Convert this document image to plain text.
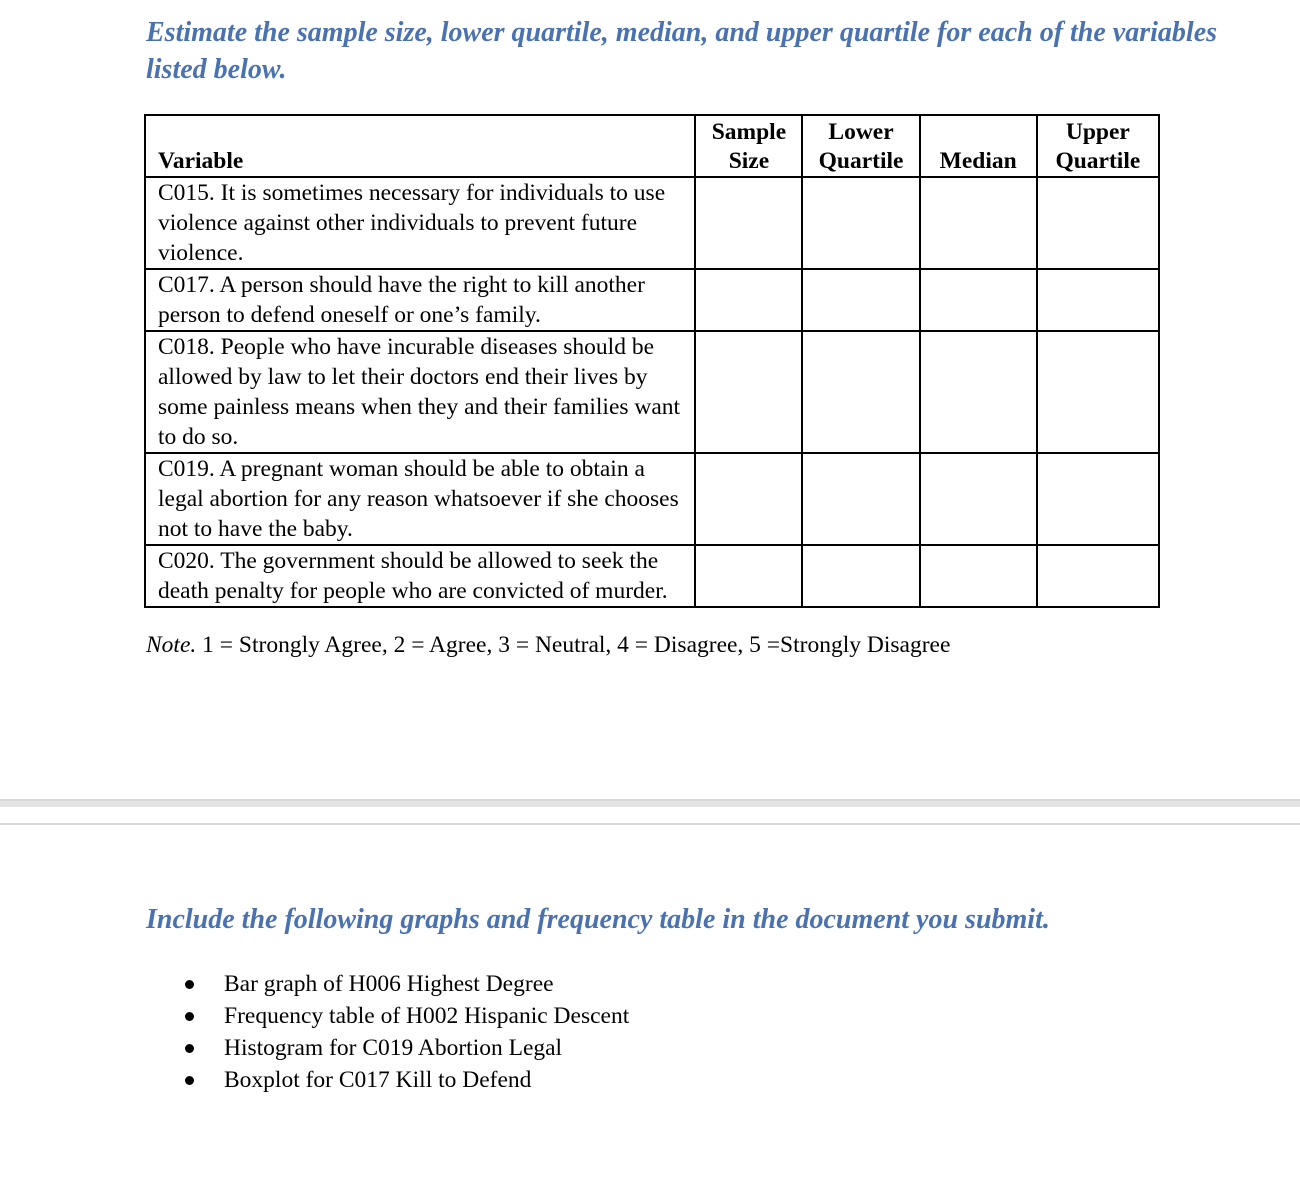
Estimate the sample size, lower quartile, median, and upper quartile for each of the variables listed below.

Variable	Sample Size	Lower Quartile	Median	Upper Quartile
C015. It is sometimes necessary for individuals to use violence against other individuals to prevent future violence.				
C017. A person should have the right to kill another person to defend oneself or one’s family.				
C018. People who have incurable diseases should be allowed by law to let their doctors end their lives by some painless means when they and their families want to do so.				
C019. A pregnant woman should be able to obtain a legal abortion for any reason whatsoever if she chooses not to have the baby.				
C020. The government should be allowed to seek the death penalty for people who are convicted of murder.				
Note. 1 = Strongly Agree, 2 = Agree, 3 = Neutral, 4 = Disagree, 5 =Strongly Disagree

Include the following graphs and frequency table in the document you submit.

Bar graph of H006 Highest Degree
Frequency table of H002 Hispanic Descent
Histogram for C019 Abortion Legal
Boxplot for C017 Kill to Defend
